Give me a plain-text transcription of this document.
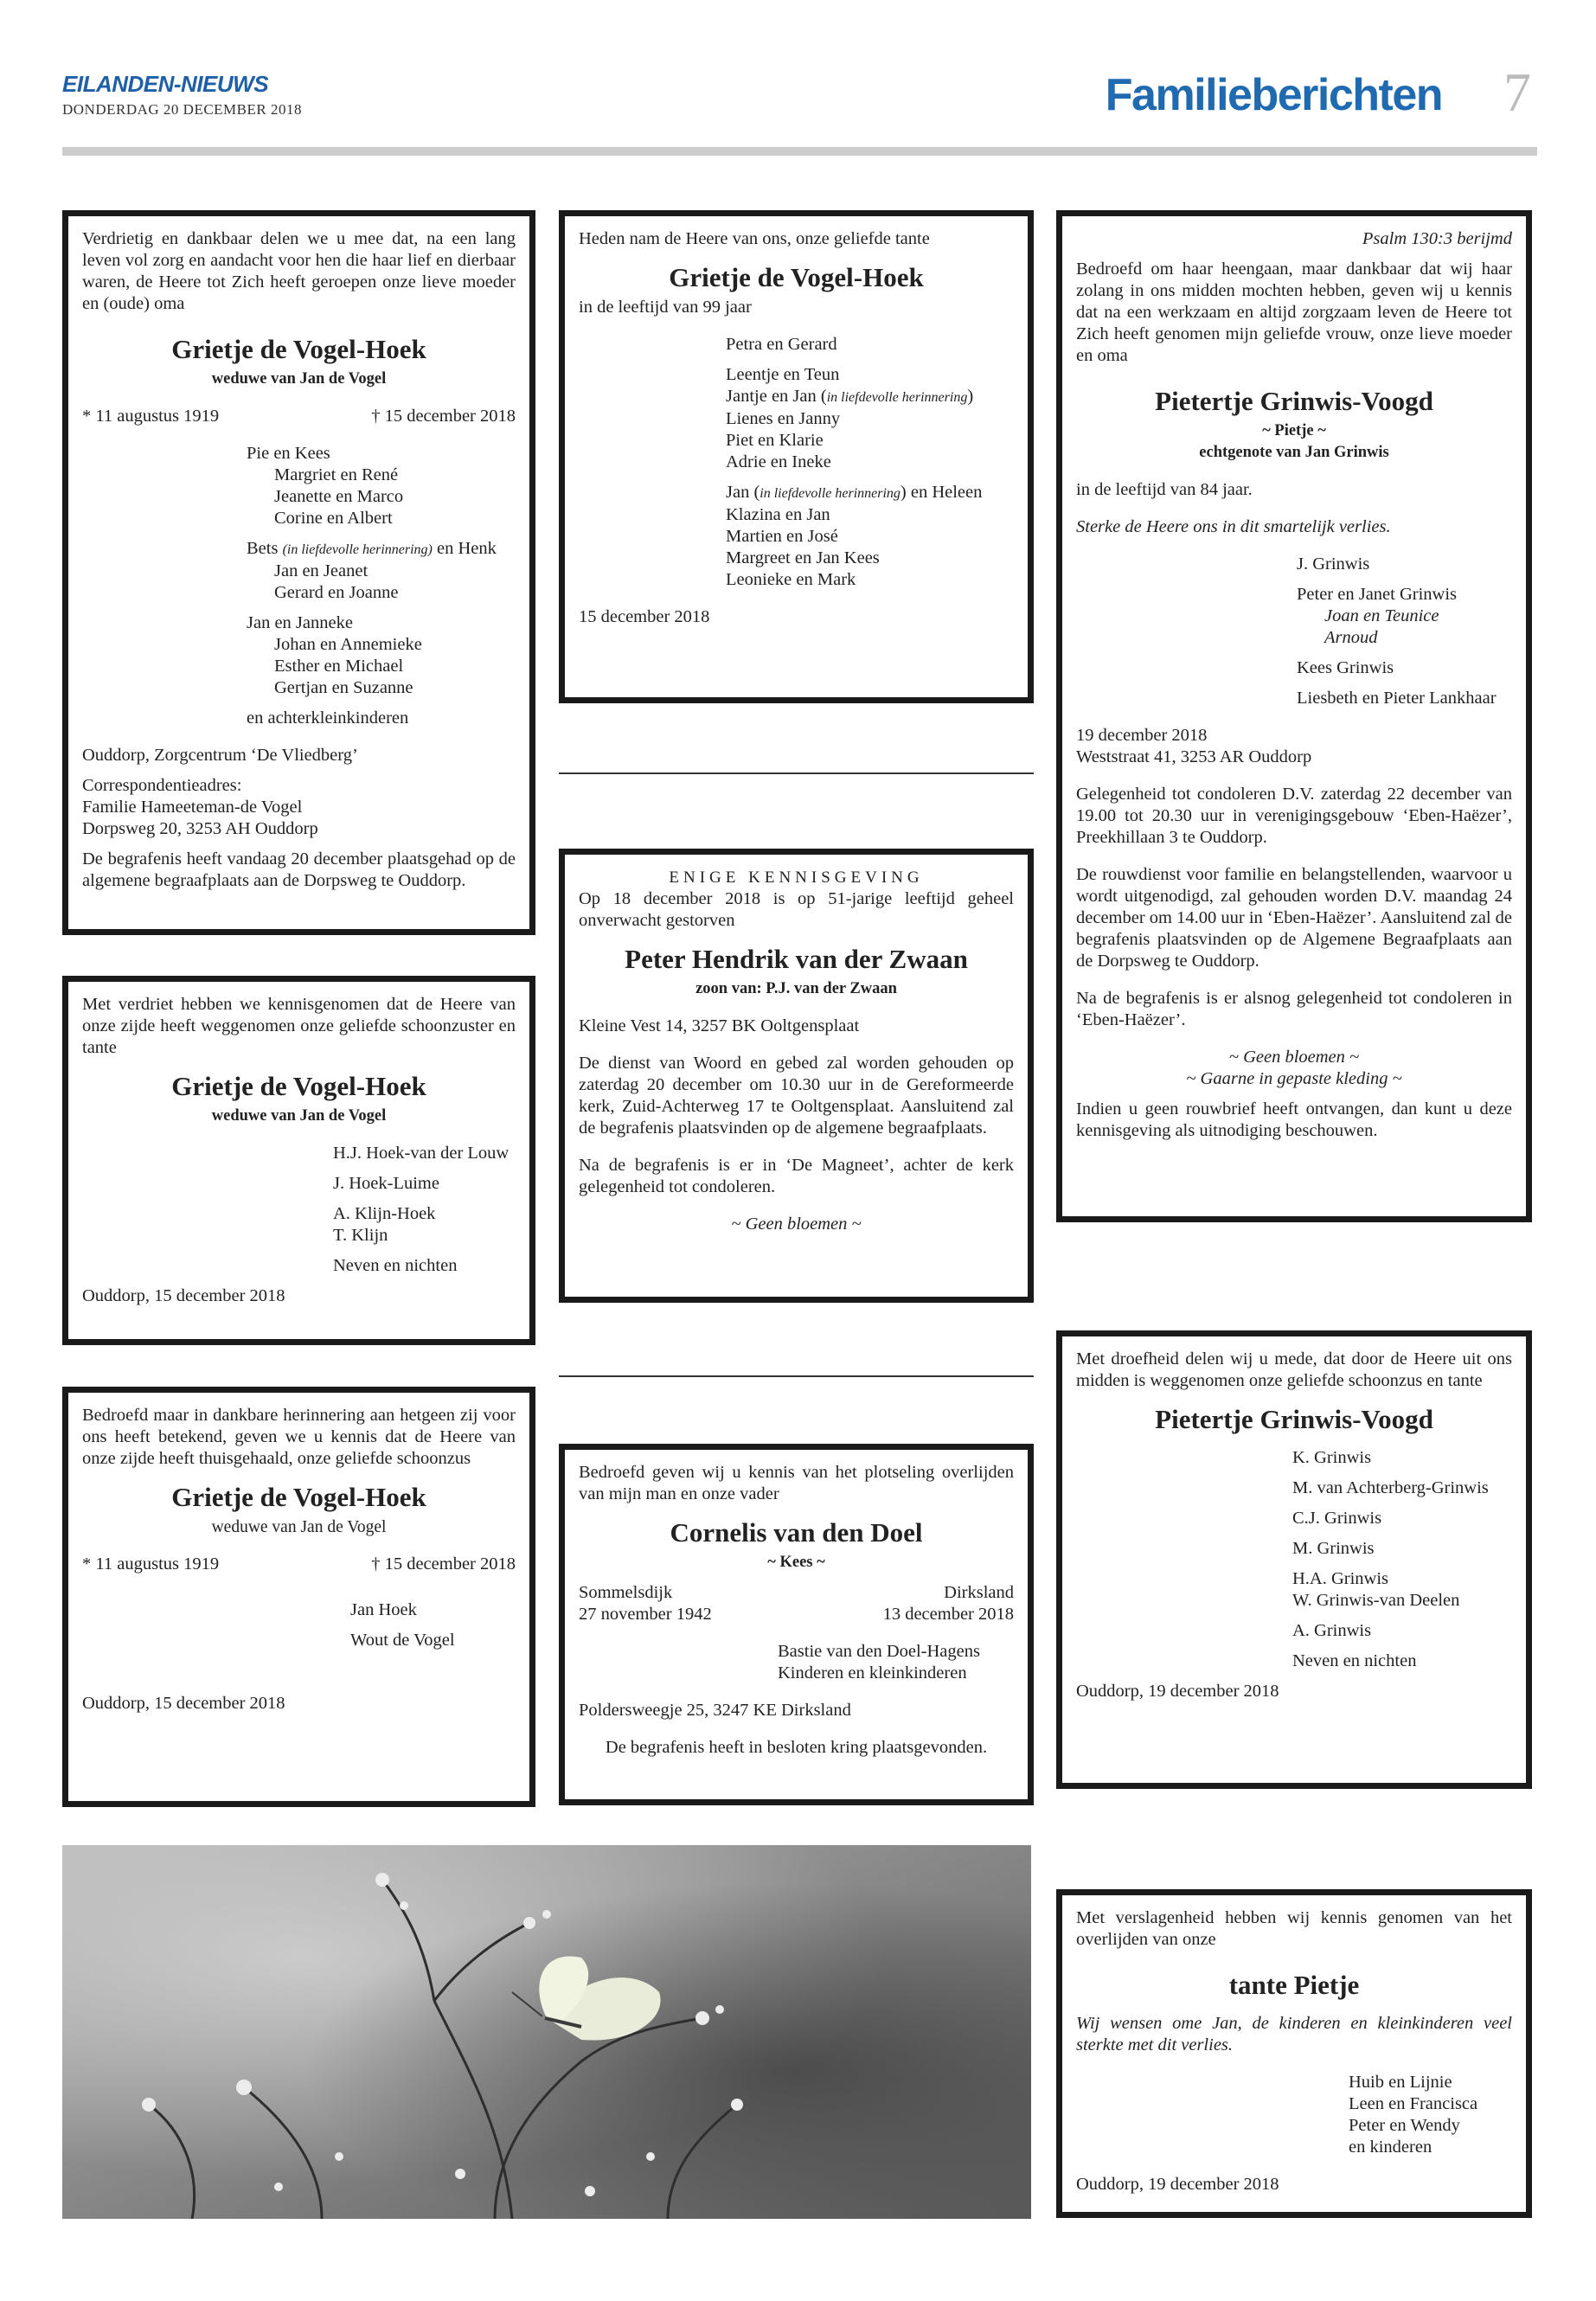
EILANDEN-NIEUWS
DONDERDAG 20 DECEMBER 2018	Familieberichten 7

Verdrietig en dankbaar delen we u mee dat, na een lang leven vol zorg en aandacht voor hen die haar lief en dierbaar waren, de Heere tot Zich heeft geroepen onze lieve moeder en (oude) oma

Grietje de Vogel-Hoek
weduwe van Jan de Vogel
* 11 augustus 1919	† 15 december 2018

Pie en Kees

Margriet en René

Jeanette en Marco

Corine en Albert

Bets (in liefdevolle herinnering) en Henk

Jan en Jeanet

Gerard en Joanne

Jan en Janneke

Johan en Annemieke

Esther en Michael

Gertjan en Suzanne

en achterkleinkinderen

Ouddorp, Zorgcentrum ‘De Vliedberg’

Correspondentieadres:

Familie Hameeteman-de Vogel

Dorpsweg 20, 3253 AH Ouddorp

De begrafenis heeft vandaag 20 december plaatsgehad op de algemene begraafplaats aan de Dorpsweg te Ouddorp.

Heden nam de Heere van ons, onze geliefde tante

Grietje de Vogel-Hoek

in de leeftijd van 99 jaar

Petra en Gerard

Leentje en Teun

Jantje en Jan (in liefdevolle herinnering)

Lienes en Janny

Piet en Klarie

Adrie en Ineke

Jan (in liefdevolle herinnering) en Heleen

Klazina en Jan

Martien en José

Margreet en Jan Kees

Leonieke en Mark

15 december 2018

Psalm 130:3 berijmd

Bedroefd om haar heengaan, maar dankbaar dat wij haar zolang in ons midden mochten hebben, geven wij u kennis dat na een werkzaam en altijd zorgzaam leven de Heere tot Zich heeft genomen mijn geliefde vrouw, onze lieve moeder en oma

Pietertje Grinwis-Voogd
~ Pietje ~
echtgenote van Jan Grinwis

in de leeftijd van 84 jaar.

Sterke de Heere ons in dit smartelijk verlies.

J. Grinwis

Peter en Janet Grinwis

Joan en Teunice

Arnoud

Kees Grinwis

Liesbeth en Pieter Lankhaar

19 december 2018

Weststraat 41, 3253 AR Ouddorp

Gelegenheid tot condoleren D.V. zaterdag 22 december van 19.00 tot 20.30 uur in verenigingsgebouw ‘Eben-Haëzer’, Preekhillaan 3 te Ouddorp.

De rouwdienst voor familie en belangstellenden, waarvoor u wordt uitgenodigd, zal gehouden worden D.V. maandag 24 december om 14.00 uur in ‘Eben-Haëzer’. Aansluitend zal de begrafenis plaatsvinden op de Algemene Begraafplaats aan de Dorpsweg te Ouddorp.

Na de begrafenis is er alsnog gelegenheid tot condoleren in ‘Eben-Haëzer’.

~ Geen bloemen ~

~ Gaarne in gepaste kleding ~

Indien u geen rouwbrief heeft ontvangen, dan kunt u deze kennisgeving als uitnodiging beschouwen.

ENIGE KENNISGEVING

Op 18 december 2018 is op 51-jarige leeftijd geheel onverwacht gestorven

Peter Hendrik van der Zwaan
zoon van: P.J. van der Zwaan

Kleine Vest 14, 3257 BK Ooltgensplaat

De dienst van Woord en gebed zal worden gehouden op zaterdag 20 december om 10.30 uur in de Gereformeerde kerk, Zuid-Achterweg 17 te Ooltgensplaat. Aansluitend zal de begrafenis plaatsvinden op de algemene begraafplaats.

Na de begrafenis is er in ‘De Magneet’, achter de kerk gelegenheid tot condoleren.

~ Geen bloemen ~

Met verdriet hebben we kennisgenomen dat de Heere van onze zijde heeft weggenomen onze geliefde schoonzuster en tante

Grietje de Vogel-Hoek
weduwe van Jan de Vogel

H.J. Hoek-van der Louw

J. Hoek-Luime

A. Klijn-Hoek

T. Klijn

Neven en nichten

Ouddorp, 15 december 2018

Met droefheid delen wij u mede, dat door de Heere uit ons midden is weggenomen onze geliefde schoonzus en tante

Pietertje Grinwis-Voogd

K. Grinwis

M. van Achterberg-Grinwis

C.J. Grinwis

M. Grinwis

H.A. Grinwis

W. Grinwis-van Deelen

A. Grinwis

Neven en nichten

Ouddorp, 19 december 2018

Bedroefd maar in dankbare herinnering aan hetgeen zij voor ons heeft betekend, geven we u kennis dat de Heere van onze zijde heeft thuisgehaald, onze geliefde schoonzus

Grietje de Vogel-Hoek
weduwe van Jan de Vogel
* 11 augustus 1919	† 15 december 2018

Jan Hoek

Wout de Vogel

Ouddorp, 15 december 2018

Bedroefd geven wij u kennis van het plotseling overlijden van mijn man en onze vader

Cornelis van den Doel
~ Kees ~
Sommelsdijk	Dirksland
27 november 1942	13 december 2018

Bastie van den Doel-Hagens

Kinderen en kleinkinderen

Poldersweegje 25, 3247 KE Dirksland

De begrafenis heeft in besloten kring plaatsgevonden.

Met verslagenheid hebben wij kennis genomen van het overlijden van onze

tante Pietje

Wij wensen ome Jan, de kinderen en kleinkinderen veel sterkte met dit verlies.

Huib en Lijnie

Leen en Francisca

Peter en Wendy

en kinderen

Ouddorp, 19 december 2018
